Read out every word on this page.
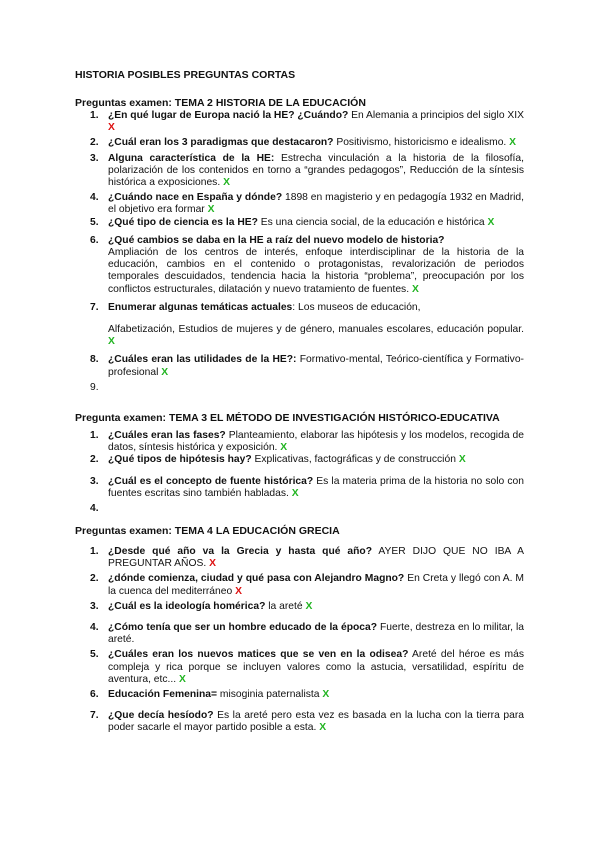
HISTORIA POSIBLES PREGUNTAS CORTAS

Preguntas examen: TEMA 2 HISTORIA DE LA EDUCACIÓN

1. ¿En qué lugar de Europa nació la HE? ¿Cuándo? En Alemania a principios del siglo XIX X
2. ¿Cuál eran los 3 paradigmas que destacaron? Positivismo, historicismo e idealismo. X
3. Alguna característica de la HE: Estrecha vinculación a la historia de la filosofía, polarización de los contenidos en torno a “grandes pedagogos”, Reducción de la síntesis histórica a exposiciones. X
4. ¿Cuándo nace en España y dónde? 1898 en magisterio y en pedagogía 1932 en Madrid, el objetivo era formar X
5. ¿Qué tipo de ciencia es la HE? Es una ciencia social, de la educación e histórica X
6. ¿Qué cambios se daba en la HE a raíz del nuevo modelo de historia?
Ampliación de los centros de interés, enfoque interdisciplinar de la historia de la educación, cambios en el contenido o protagonistas, revalorización de periodos temporales descuidados, tendencia hacia la historia “problema”, preocupación por los conflictos estructurales, dilatación y nuevo tratamiento de fuentes. X
7. Enumerar algunas temáticas actuales: Los museos de educación,
Alfabetización, Estudios de mujeres y de género, manuales escolares, educación popular. X
8. ¿Cuáles eran las utilidades de la HE?: Formativo-mental, Teórico-científica y Formativo-profesional X
9.

Pregunta examen: TEMA 3 EL MÉTODO DE INVESTIGACIÓN HISTÓRICO-EDUCATIVA

1. ¿Cuáles eran las fases? Planteamiento, elaborar las hipótesis y los modelos, recogida de datos, síntesis histórica y exposición. X
2. ¿Qué tipos de hipótesis hay? Explicativas, factográficas y de construcción X
3. ¿Cuál es el concepto de fuente histórica? Es la materia prima de la historia no solo con fuentes escritas sino también habladas. X
4.

Preguntas examen: TEMA 4 LA EDUCACIÓN GRECIA

1. ¿Desde qué año va la Grecia y hasta qué año? AYER DIJO QUE NO IBA A PREGUNTAR AÑOS. X
2. ¿dónde comienza, ciudad y qué pasa con Alejandro Magno? En Creta y llegó con A. M la cuenca del mediterráneo X
3. ¿Cuál es la ideología homérica? la areté X
4. ¿Cómo tenía que ser un hombre educado de la época? Fuerte, destreza en lo militar, la areté.
5. ¿Cuáles eran los nuevos matices que se ven en la odisea? Areté del héroe es más compleja y rica porque se incluyen valores como la astucia, versatilidad, espíritu de aventura, etc... X
6. Educación Femenina= misoginia paternalista X
7. ¿Que decía hesíodo? Es la areté pero esta vez es basada en la lucha con la tierra para poder sacarle el mayor partido posible a esta. X
